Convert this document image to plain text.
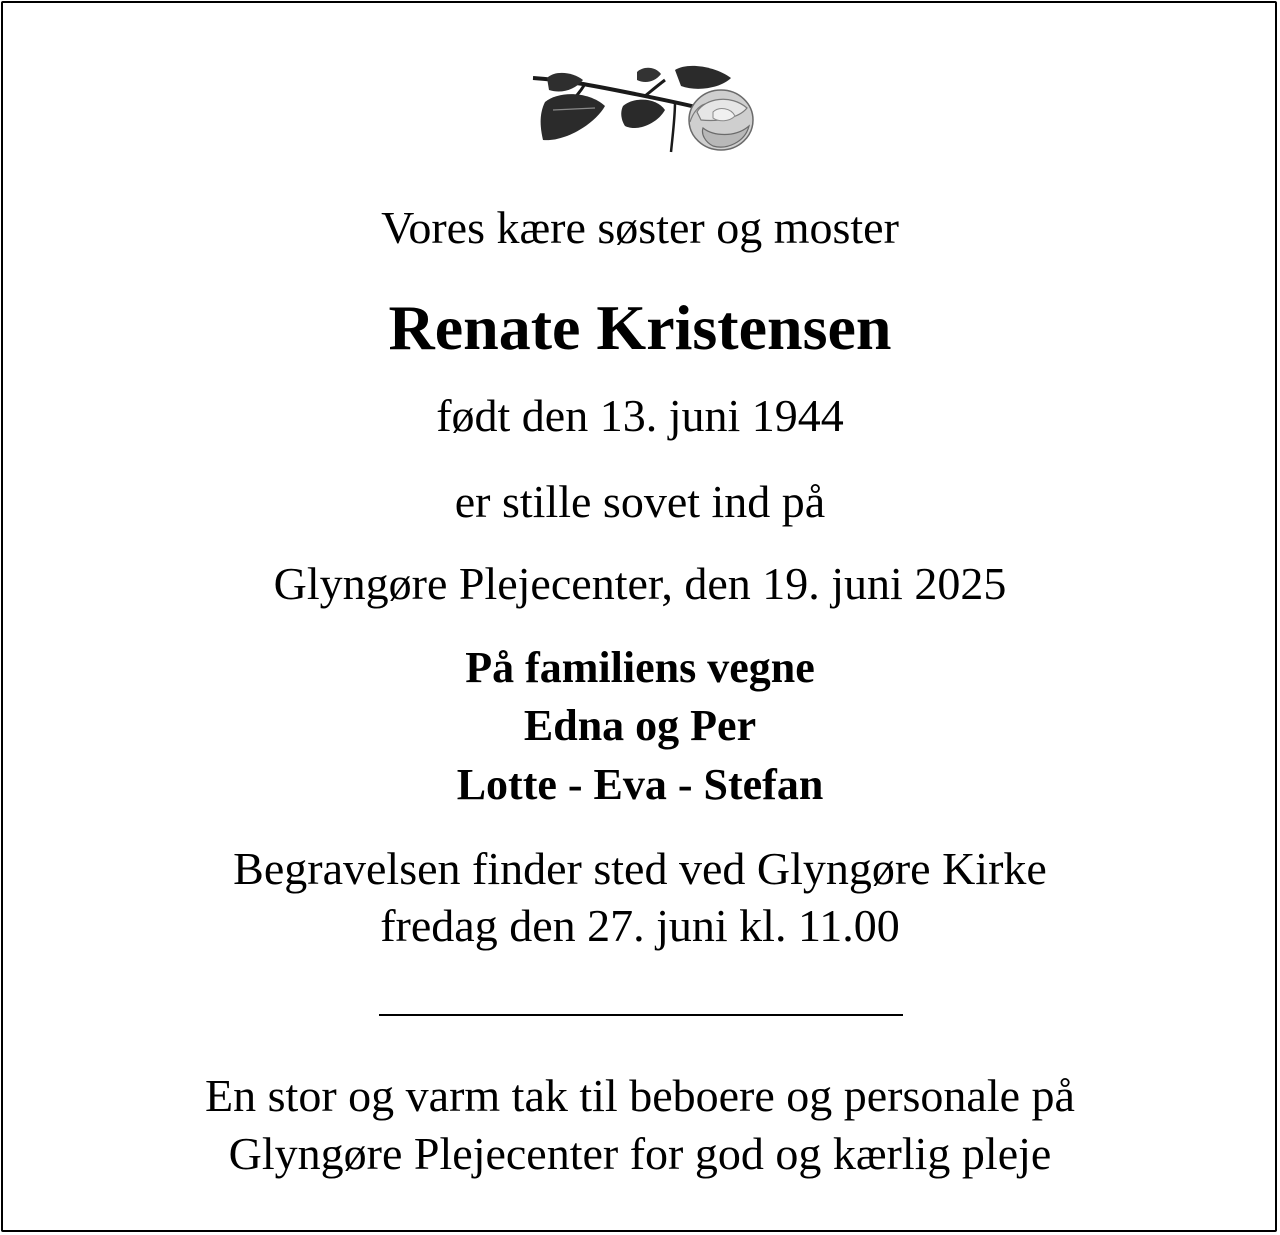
Vores kære søster og moster
Renate Kristensen
født den 13. juni 1944
er stille sovet ind på
Glyngøre Plejecenter, den 19. juni 2025
På familiens vegne
Edna og Per
Lotte - Eva - Stefan
Begravelsen finder sted ved Glyngøre Kirke
fredag den 27. juni kl. 11.00
En stor og varm tak til beboere og personale på
Glyngøre Plejecenter for god og kærlig pleje
